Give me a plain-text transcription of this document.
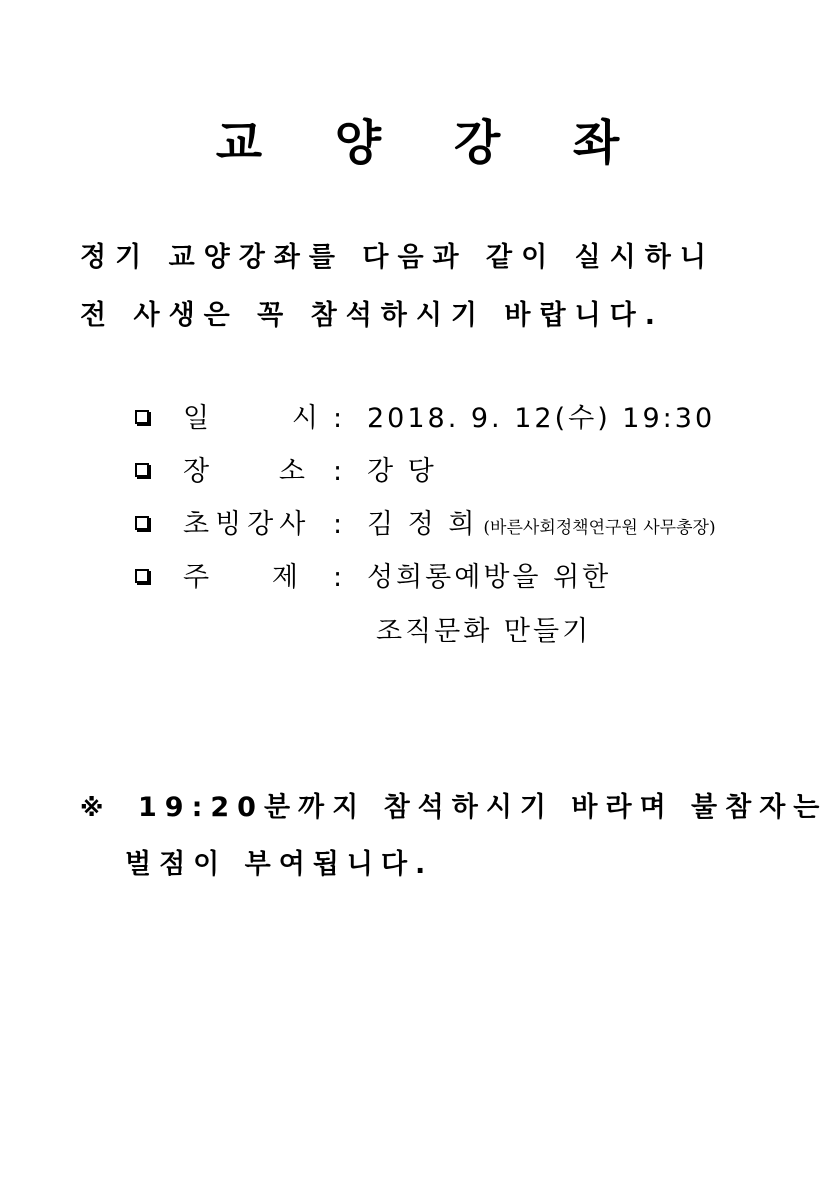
교 양 강 좌
정기 교양강좌를 다음과 같이 실시하니
전 사생은 꼭 참석하시기 바랍니다.
일	시 : 2018. 9. 12(수) 19:30
장	소 : 강 당
초빙강사 : 김 정 희 (바른사회정책연구원 사무총장)
주 제 : 성희롱예방을 위한
조직문화 만들기
※ 19:20분까지 참석하시기 바라며 불참자는
벌점이 부여됩니다.
